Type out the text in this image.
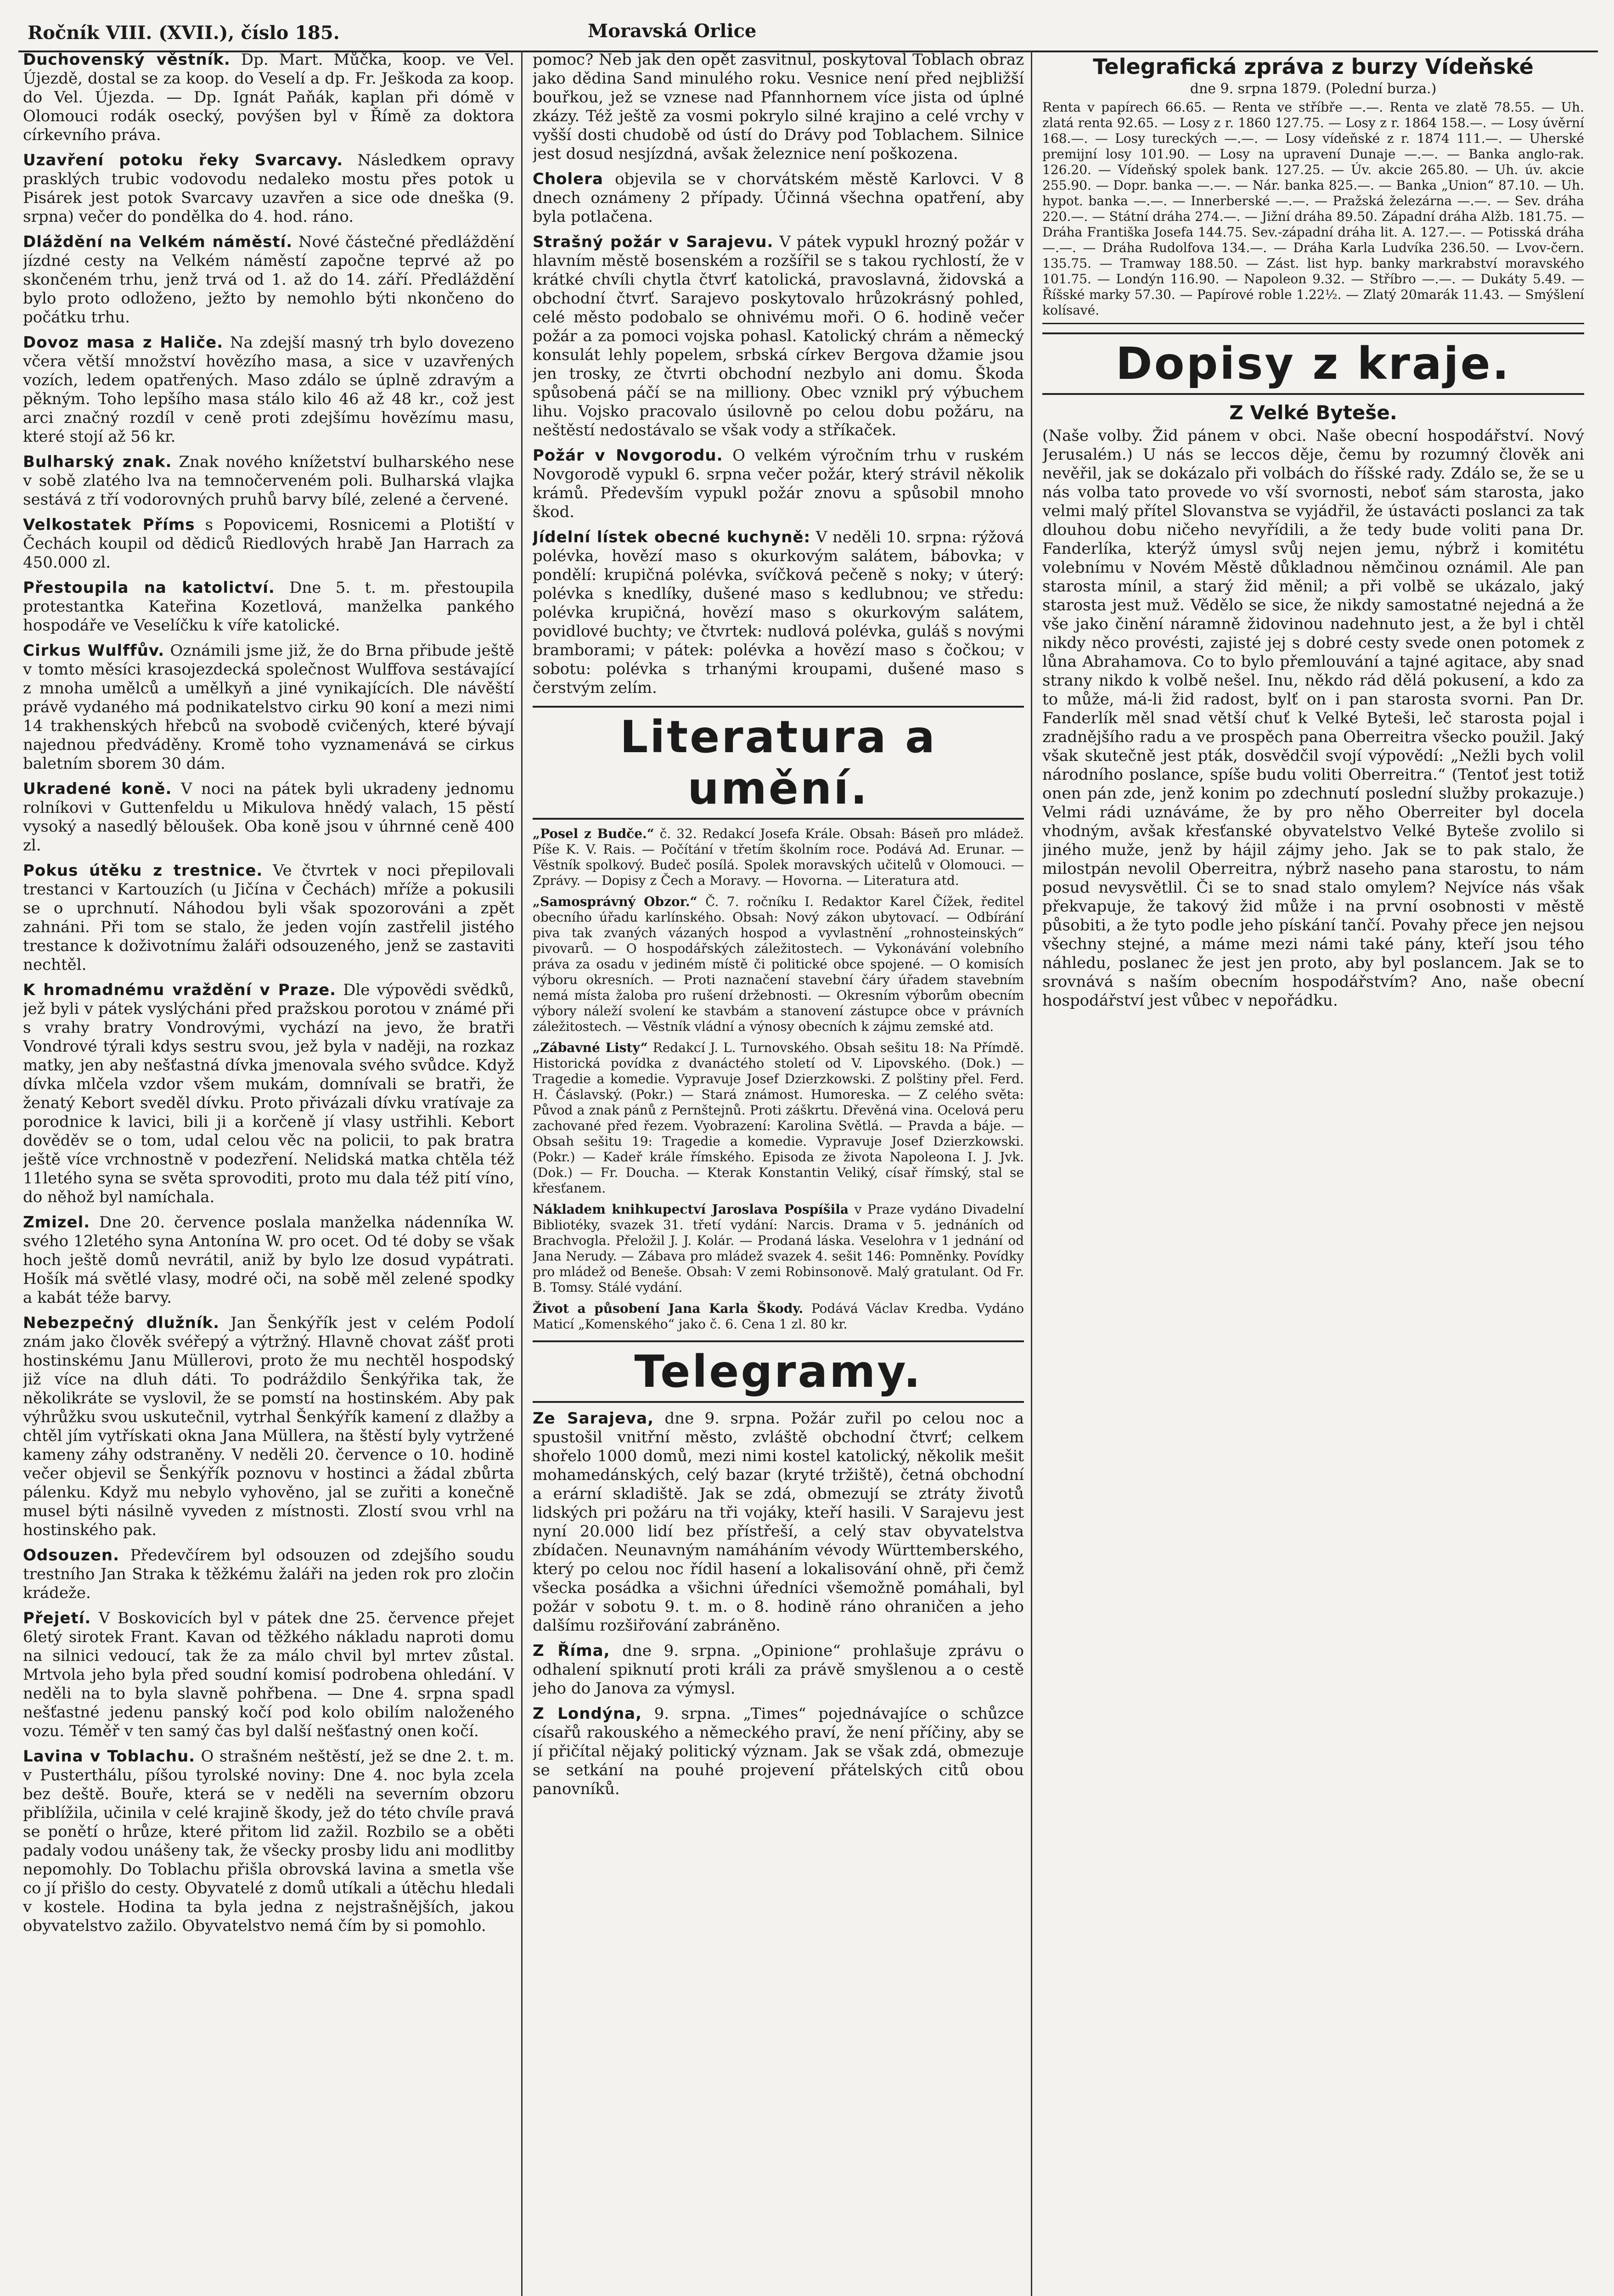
Ročník VIII. (XVII.), číslo 185.	Moravská Orlice

Duchovenský věstník. Dp. Mart. Můčka, koop. ve Vel. Újezdě, dostal se za koop. do Veselí a dp. Fr. Ješkoda za koop. do Vel. Újezda. — Dp. Ignát Paňák, kaplan při dómě v Olomouci rodák osecký, povýšen byl v Římě za doktora církevního práva.

Uzavření potoku řeky Svarcavy. Následkem opravy prasklých trubic vodovodu nedaleko mostu přes potok u Pisárek jest potok Svarcavy uzavřen a sice ode dneška (9. srpna) večer do pondělka do 4. hod. ráno.

Dláždění na Velkém náměstí. Nové částečné předláždění jízdné cesty na Velkém náměstí započne teprvé až po skončeném trhu, jenž trvá od 1. až do 14. září. Předláždění bylo proto odloženo, ježto by nemohlo býti nkončeno do počátku trhu.

Dovoz masa z Haliče. Na zdejší masný trh bylo dovezeno včera větší množství hovězího masa, a sice v uzavřených vozích, ledem opatřených. Maso zdálo se úplně zdravým a pěkným. Toho lepšího masa stálo kilo 46 až 48 kr., což jest arci značný rozdíl v ceně proti zdejšímu hovězímu masu, které stojí až 56 kr.

Bulharský znak. Znak nového knížetství bulharského nese v sobě zlatého lva na temnočerveném poli. Bulharská vlajka sestává z tří vodorovných pruhů barvy bílé, zelené a červené.

Velkostatek Příms s Popovicemi, Rosnicemi a Plotiští v Čechách koupil od dědiců Riedlových hrabě Jan Harrach za 450.000 zl.

Přestoupila na katolictví. Dne 5. t. m. přestoupila protestantka Kateřina Kozetlová, manželka pankého hospodáře ve Veselíčku k víře katolické.

Cirkus Wulffův. Oznámili jsme již, že do Brna přibude ještě v tomto měsíci krasojezdecká společnost Wulffova sestávající z mnoha umělců a umělkyň a jiné vynikajících. Dle návěští právě vydaného má podnikatelstvo cirku 90 koní a mezi nimi 14 trakhenských hřebců na svobodě cvičených, které bývají najednou předváděny. Kromě toho vyznamenává se cirkus baletním sborem 30 dám.

Ukradené koně. V noci na pátek byli ukradeny jednomu rolníkovi v Guttenfeldu u Mikulova hnědý valach, 15 pěstí vysoký a nasedlý běloušek. Oba koně jsou v úhrnné ceně 400 zl.

Pokus útěku z trestnice. Ve čtvrtek v noci přepilovali trestanci v Kartouzích (u Jičína v Čechách) mříže a pokusili se o uprchnutí. Náhodou byli však spozorováni a zpět zahnáni. Při tom se stalo, že jeden vojín zastřelil jistého trestance k doživotnímu žaláři odsouzeného, jenž se zastaviti nechtěl.

K hromadnému vraždění v Praze. Dle výpovědi svědků, jež byli v pátek vyslýcháni před pražskou porotou v známé při s vrahy bratry Vondrovými, vychází na jevo, že bratři Vondrové týrali kdys sestru svou, jež byla v naději, na rozkaz matky, jen aby nešťastná dívka jmenovala svého svůdce. Když dívka mlčela vzdor všem mukám, domnívali se bratři, že ženatý Kebort sveděl dívku. Proto přivázali dívku vratívaje za porodnice k lavici, bili ji a korčeně jí vlasy ustřihli. Kebort dověděv se o tom, udal celou věc na policii, to pak bratra ještě více vrchnostně v podezření. Nelidská matka chtěla též 11letého syna se světa sprovoditi, proto mu dala též pití víno, do něhož byl namíchala.

Zmizel. Dne 20. července poslala manželka nádenníka W. svého 12letého syna Antonína W. pro ocet. Od té doby se však hoch ještě domů nevrátil, aniž by bylo lze dosud vypátrati. Hošík má světlé vlasy, modré oči, na sobě měl zelené spodky a kabát téže barvy.

Nebezpečný dlužník. Jan Šenkýřík jest v celém Podolí znám jako člověk svéřepý a výtržný. Hlavně chovat zášť proti hostinskému Janu Müllerovi, proto že mu nechtěl hospodský již více na dluh dáti. To podráždilo Šenkýřika tak, že několikráte se vyslovil, že se pomstí na hostinském. Aby pak výhrůžku svou uskutečnil, vytrhal Šenkýřík kamení z dlažby a chtěl jím vytřískati okna Jana Müllera, na štěstí byly vytržené kameny záhy odstraněny. V neděli 20. července o 10. hodině večer objevil se Šenkýřík poznovu v hostinci a žádal zbůrta pálenku. Když mu nebylo vyhověno, jal se zuřiti a konečně musel býti násilně vyveden z místnosti. Zlostí svou vrhl na hostinského pak.

Odsouzen. Předevčírem byl odsouzen od zdejšího soudu trestního Jan Straka k těžkému žaláři na jeden rok pro zločin krádeže.

Přejetí. V Boskovicích byl v pátek dne 25. července přejet 6letý sirotek Frant. Kavan od těžkého nákladu naproti domu na silnici vedoucí, tak že za málo chvil byl mrtev zůstal. Mrtvola jeho byla před soudní komisí podrobena ohledání. V neděli na to byla slavně pohřbena. — Dne 4. srpna spadl nešťastné jedenu panský kočí pod kolo obilím naloženého vozu. Téměř v ten samý čas byl další nešťastný onen kočí.

Lavina v Toblachu. O strašném neštěstí, jež se dne 2. t. m. v Pusterthálu, píšou tyrolské noviny: Dne 4. noc byla zcela bez deště. Bouře, která se v neděli na severním obzoru přiblížila, učinila v celé krajině škody, jež do této chvíle pravá se ponětí o hrůze, které přitom lid zažil. Rozbilo se a oběti padaly vodou unášeny tak, že všecky prosby lidu ani modlitby nepomohly. Do Toblachu přišla obrovská lavina a smetla vše co jí přišlo do cesty. Obyvatelé z domů utíkali a útěchu hledali v kostele. Hodina ta byla jedna z nejstrašnějších, jakou obyvatelstvo zažilo. Obyvatelstvo nemá čím by si pomohlo.

pomoc? Neb jak den opět zasvitnul, poskytoval Toblach obraz jako dědina Sand minulého roku. Vesnice není před nejbližší bouřkou, jež se vznese nad Pfannhornem více jista od úplné zkázy. Též ještě za vosmi pokrylo silné krajino a celé vrchy v vyšší dosti chudobě od ústí do Drávy pod Toblachem. Silnice jest dosud nesjízdná, avšak železnice není poškozena.

Cholera objevila se v chorvátském městě Karlovci. V 8 dnech oznámeny 2 případy. Účinná všechna opatření, aby byla potlačena.

Strašný požár v Sarajevu. V pátek vypukl hrozný požár v hlavním městě bosenském a rozšířil se s takou rychlostí, že v krátké chvíli chytla čtvrť katolická, pravoslavná, židovská a obchodní čtvrť. Sarajevo poskytovalo hrůzokrásný pohled, celé město podobalo se ohnivému moři. O 6. hodině večer požár a za pomoci vojska pohasl. Katolický chrám a německý konsulát lehly popelem, srbská církev Bergova džamie jsou jen trosky, ze čtvrti obchodní nezbylo ani domu. Škoda spůsobená páčí se na milliony. Obec vznikl prý výbuchem lihu. Vojsko pracovalo úsilovně po celou dobu požáru, na neštěstí nedostávalo se však vody a stříkaček.

Požár v Novgorodu. O velkém výročním trhu v ruském Novgorodě vypukl 6. srpna večer požár, který strávil několik krámů. Především vypukl požár znovu a spůsobil mnoho škod.

Jídelní lístek obecné kuchyně: V neděli 10. srpna: rýžová polévka, hovězí maso s okurkovým salátem, bábovka; v pondělí: krupičná polévka, svíčková pečeně s noky; v úterý: polévka s knedlíky, dušené maso s kedlubnou; ve středu: polévka krupičná, hovězí maso s okurkovým salátem, povidlové buchty; ve čtvrtek: nudlová polévka, guláš s novými bramborami; v pátek: polévka a hovězí maso s čočkou; v sobotu: polévka s trhanými kroupami, dušené maso s čerstvým zelím.

Literatura a umění.

„Posel z Budče.“ č. 32. Redakcí Josefa Krále. Obsah: Báseň pro mládež. Píše K. V. Rais. — Počítání v třetím školním roce. Podává Ad. Erunar. — Věstník spolkový. Budeč posílá. Spolek moravských učitelů v Olomouci. — Zprávy. — Dopisy z Čech a Moravy. — Hovorna. — Literatura atd.

„Samosprávný Obzor.“ Č. 7. ročníku I. Redaktor Karel Čížek, ředitel obecního úřadu karlínského. Obsah: Nový zákon ubytovací. — Odbírání piva tak zvaných vázaných hospod a vyvlastnění „rohnosteinských“ pivovarů. — O hospodářských záležitostech. — Vykonávání volebního práva za osadu v jediném místě či politické obce spojené. — O komisích výboru okresních. — Proti naznačení stavební čáry úřadem stavebním nemá místa žaloba pro rušení držebnosti. — Okresním výborům obecním výbory náleží svolení ke stavbám a stanovení zástupce obce v právních záležitostech. — Věstník vládní a výnosy obecních k zájmu zemské atd.

„Zábavné Listy“ Redakcí J. L. Turnovského. Obsah sešitu 18: Na Přímdě. Historická povídka z dvanáctého století od V. Lipovského. (Dok.) — Tragedie a komedie. Vypravuje Josef Dzierzkowski. Z polštiny přel. Ferd. H. Čáslavský. (Pokr.) — Stará známost. Humoreska. — Z celého světa: Původ a znak pánů z Pernštejnů. Proti záškrtu. Dřevěná vina. Ocelová peru zachované před řezem. Vyobrazení: Karolina Světlá. — Pravda a báje. — Obsah sešitu 19: Tragedie a komedie. Vypravuje Josef Dzierzkowski. (Pokr.) — Kadeř krále římského. Episoda ze života Napoleona I. J. Jvk. (Dok.) — Fr. Doucha. — Kterak Konstantin Veliký, císař římský, stal se křesťanem.

Nákladem knihkupectví Jaroslava Pospíšila v Praze vydáno Divadelní Bibliotéky, svazek 31. třetí vydání: Narcis. Drama v 5. jednáních od Brachvogla. Přeložil J. J. Kolár. — Prodaná láska. Veselohra v 1 jednání od Jana Nerudy. — Zábava pro mládež svazek 4. sešit 146: Pomněnky. Povídky pro mládež od Beneše. Obsah: V zemi Robinsonově. Malý gratulant. Od Fr. B. Tomsy. Stálé vydání.

Život a působení Jana Karla Škody. Podává Václav Kredba. Vydáno Maticí „Komenského“ jako č. 6. Cena 1 zl. 80 kr.

Telegramy.

Ze Sarajeva, dne 9. srpna. Požár zuřil po celou noc a spustošil vnitřní město, zvláště obchodní čtvrť; celkem shořelo 1000 domů, mezi nimi kostel katolický, několik mešit mohamedánských, celý bazar (kryté tržiště), četná obchodní a erární skladiště. Jak se zdá, obmezují se ztráty životů lidských pri požáru na tři vojáky, kteří hasili. V Sarajevu jest nyní 20.000 lidí bez přístřeší, a celý stav obyvatelstva zbídačen. Neunavným namáháním vévody Württemberského, který po celou noc řídil hasení a lokalisování ohně, při čemž všecka posádka a všichni úředníci všemožně pomáhali, byl požár v sobotu 9. t. m. o 8. hodině ráno ohraničen a jeho dalšímu rozšiřování zabráněno.

Z Říma, dne 9. srpna. „Opinione“ prohlašuje zprávu o odhalení spiknutí proti králi za právě smyšlenou a o cestě jeho do Janova za výmysl.

Z Londýna, 9. srpna. „Times“ pojednávajíce o schůzce císařů rakouského a německého praví, že není příčiny, aby se jí přičítal nějaký politický význam. Jak se však zdá, obmezuje se setkání na pouhé projevení přátelských citů obou panovníků.

Telegrafická zpráva z burzy Vídeňské
dne 9. srpna 1879. (Polední burza.)
Renta v papírech 66.65. — Renta ve stříbře —.—. Renta ve zlatě 78.55. — Uh. zlatá renta 92.65. — Losy z r. 1860 127.75. — Losy z r. 1864 158.—. — Losy úvěrní 168.—. — Losy tureckých —.—. — Losy vídeňské z r. 1874 111.—. — Uherské premijní losy 101.90. — Losy na upravení Dunaje —.—. — Banka anglo-rak. 126.20. — Vídeňský spolek bank. 127.25. — Úv. akcie 265.80. — Uh. úv. akcie 255.90. — Dopr. banka —.—. — Nár. banka 825.—. — Banka „Union“ 87.10. — Uh. hypot. banka —.—. — Innerberské —.—. — Pražská železárna —.—. — Sev. dráha 220.—. — Státní dráha 274.—. — Jižní dráha 89.50. Západní dráha Alžb. 181.75. — Dráha Františka Josefa 144.75. Sev.-západní dráha lit. A. 127.—. — Potisská dráha —.—. — Dráha Rudolfova 134.—. — Dráha Karla Ludvíka 236.50. — Lvov-čern. 135.75. — Tramway 188.50. — Zást. list hyp. banky markrabství moravského 101.75. — Londýn 116.90. — Napoleon 9.32. — Stříbro —.—. — Dukáty 5.49. — Říšské marky 57.30. — Papírové roble 1.22½. — Zlatý 20marák 11.43. — Smýšlení kolísavé.
Dopisy z kraje.
Z Velké Byteše.

(Naše volby. Žid pánem v obci. Naše obecní hospodářství. Nový Jerusalém.) U nás se leccos děje, čemu by rozumný člověk ani nevěřil, jak se dokázalo při volbách do říšské rady. Zdálo se, že se u nás volba tato provede vo vší svornosti, neboť sám starosta, jako velmi malý přítel Slovanstva se vyjádřil, že ústavácti poslanci za tak dlouhou dobu ničeho nevyřídili, a že tedy bude voliti pana Dr. Fanderlíka, kterýž úmysl svůj nejen jemu, nýbrž i komitétu volebnímu v Novém Městě důkladnou němčinou oznámil. Ale pan starosta mínil, a starý žid měnil; a při volbě se ukázalo, jaký starosta jest muž. Vědělo se sice, že nikdy samostatné nejedná a že vše jako činění náramně židovinou nadehnuto jest, a že byl i chtěl nikdy něco provésti, zajisté jej s dobré cesty svede onen potomek z lůna Abrahamova. Co to bylo přemlouvání a tajné agitace, aby snad strany nikdo k volbě nešel. Inu, někdo rád dělá pokusení, a kdo za to může, má-li žid radost, bylť on i pan starosta svorni. Pan Dr. Fanderlík měl snad větší chuť k Velké Byteši, leč starosta pojal i zradnějšího radu a ve prospěch pana Oberreitra všecko použil. Jaký však skutečně jest pták, dosvědčil svojí výpovědí: „Nežli bych volil národního poslance, spíše budu voliti Oberreitra.“ (Tentoť jest totiž onen pán zde, jenž konim po zdechnutí poslední služby prokazuje.) Velmi rádi uznáváme, že by pro něho Oberreiter byl docela vhodným, avšak křesťanské obyvatelstvo Velké Byteše zvolilo si jiného muže, jenž by hájil zájmy jeho. Jak se to pak stalo, že milostpán nevolil Oberreitra, nýbrž naseho pana starostu, to nám posud nevysvětlil. Či se to snad stalo omylem? Nejvíce nás však překvapuje, že takový žid může i na první osobnosti v městě působiti, a že tyto podle jeho pískání tančí. Povahy přece jen nejsou všechny stejné, a máme mezi námi také pány, kteří jsou tého náhledu, poslanec že jest jen proto, aby byl poslancem. Jak se to srovnává s naším obecním hospodářstvím? Ano, naše obecní hospodářství jest vůbec v nepořádku.
